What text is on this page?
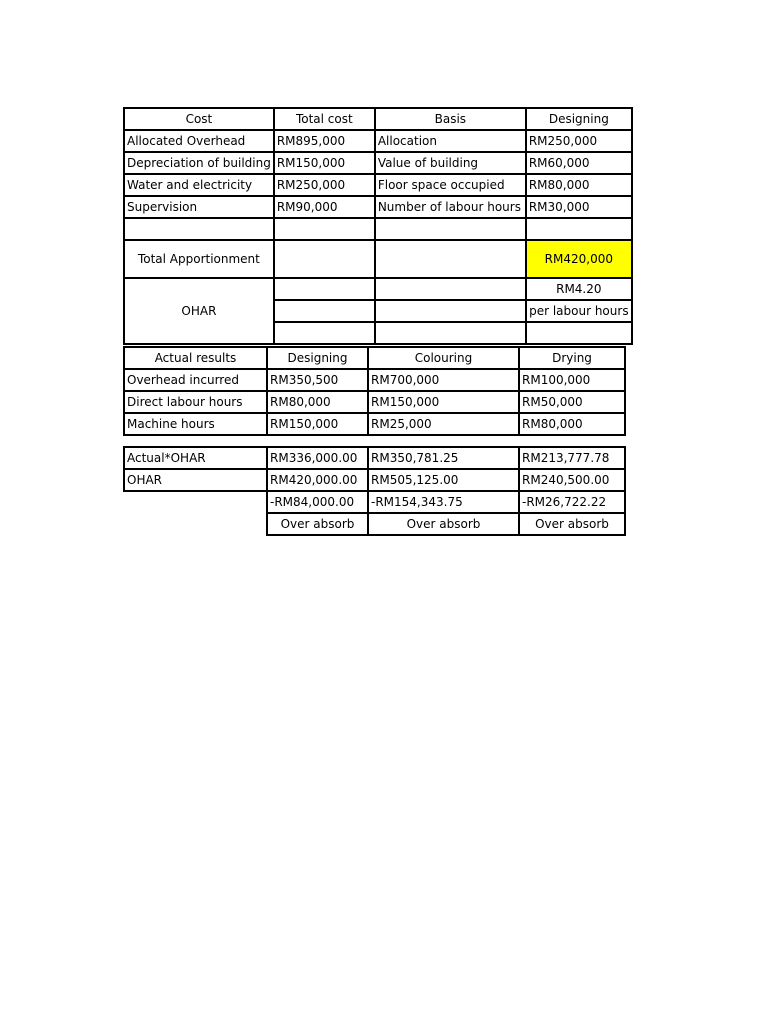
Cost	Total cost	Basis	Designing
Allocated Overhead	RM895,000	Allocation	RM250,000
Depreciation of building	RM150,000	Value of building	RM60,000
Water and electricity	RM250,000	Floor space occupied	RM80,000
Supervision	RM90,000	Number of labour hours	RM30,000

Total Apportionment			RM420,000
OHAR			RM4.20
			per labour hours

Actual results	Designing	Colouring	Drying
Overhead incurred	RM350,500	RM700,000	RM100,000
Direct labour hours	RM80,000	RM150,000	RM50,000
Machine hours	RM150,000	RM25,000	RM80,000
Actual*OHAR	RM336,000.00	RM350,781.25	RM213,777.78
OHAR	RM420,000.00	RM505,125.00	RM240,500.00
	-RM84,000.00	-RM154,343.75	-RM26,722.22
	Over absorb	Over absorb	Over absorb
